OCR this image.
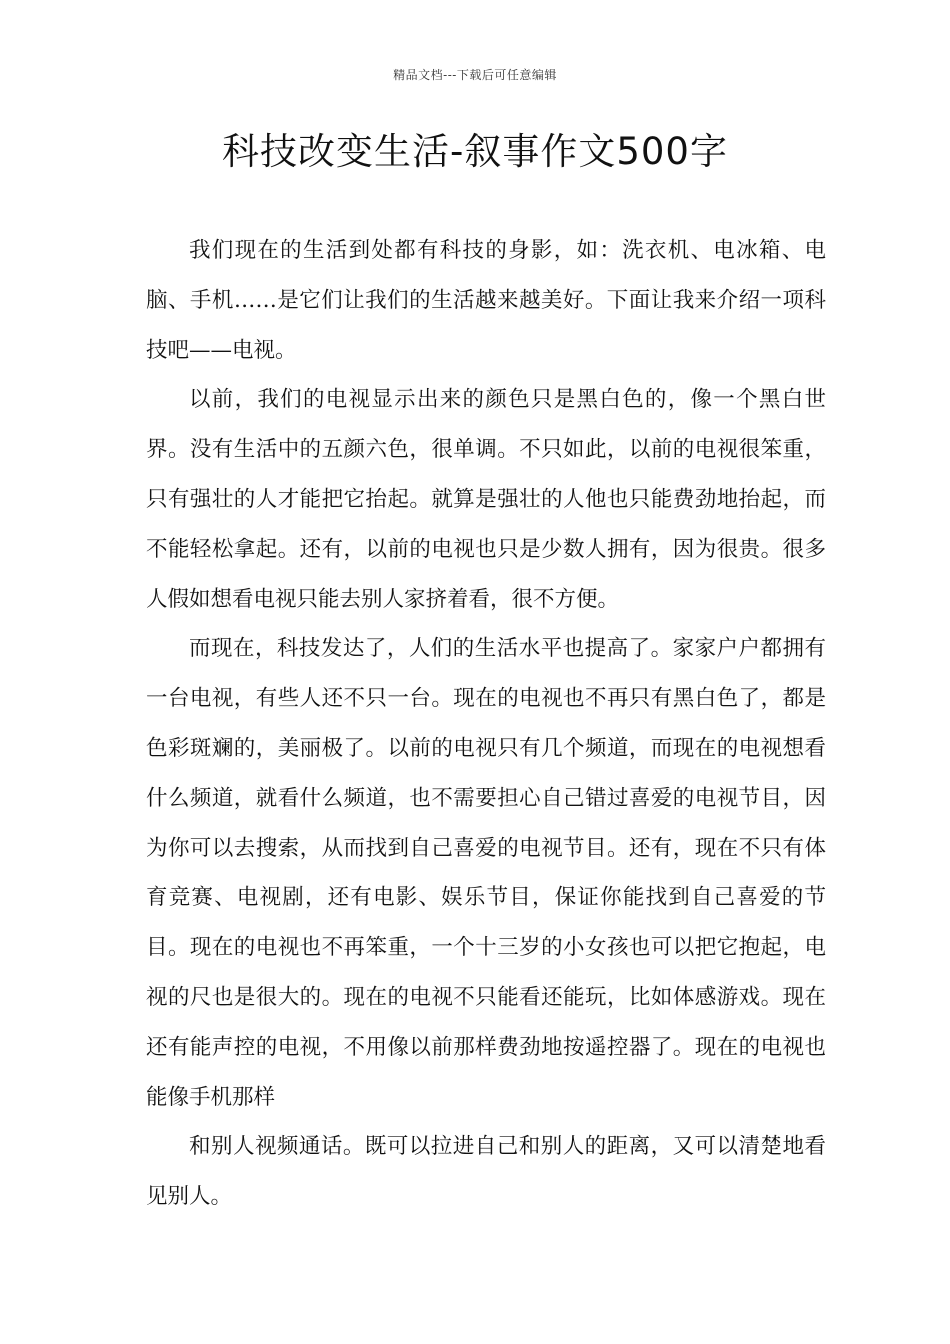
精品文档---下载后可任意编辑
科技改变生活-叙事作文500字

我们现在的生活到处都有科技的身影，如：洗衣机、电冰箱、电脑、手机……是它们让我们的生活越来越美好。下面让我来介绍一项科技吧——电视。

以前，我们的电视显示出来的颜色只是黑白色的，像一个黑白世界。没有生活中的五颜六色，很单调。不只如此，以前的电视很笨重，只有强壮的人才能把它抬起。就算是强壮的人他也只能费劲地抬起，而不能轻松拿起。还有，以前的电视也只是少数人拥有，因为很贵。很多人假如想看电视只能去别人家挤着看，很不方便。

而现在，科技发达了，人们的生活水平也提高了。家家户户都拥有一台电视，有些人还不只一台。现在的电视也不再只有黑白色了，都是色彩斑斓的，美丽极了。以前的电视只有几个频道，而现在的电视想看什么频道，就看什么频道，也不需要担心自己错过喜爱的电视节目，因为你可以去搜索，从而找到自己喜爱的电视节目。还有，现在不只有体育竞赛、电视剧，还有电影、娱乐节目，保证你能找到自己喜爱的节目。现在的电视也不再笨重，一个十三岁的小女孩也可以把它抱起，电视的尺也是很大的。现在的电视不只能看还能玩，比如体感游戏。现在还有能声控的电视，不用像以前那样费劲地按遥控器了。现在的电视也能像手机那样

和别人视频通话。既可以拉进自己和别人的距离，又可以清楚地看见别人。
